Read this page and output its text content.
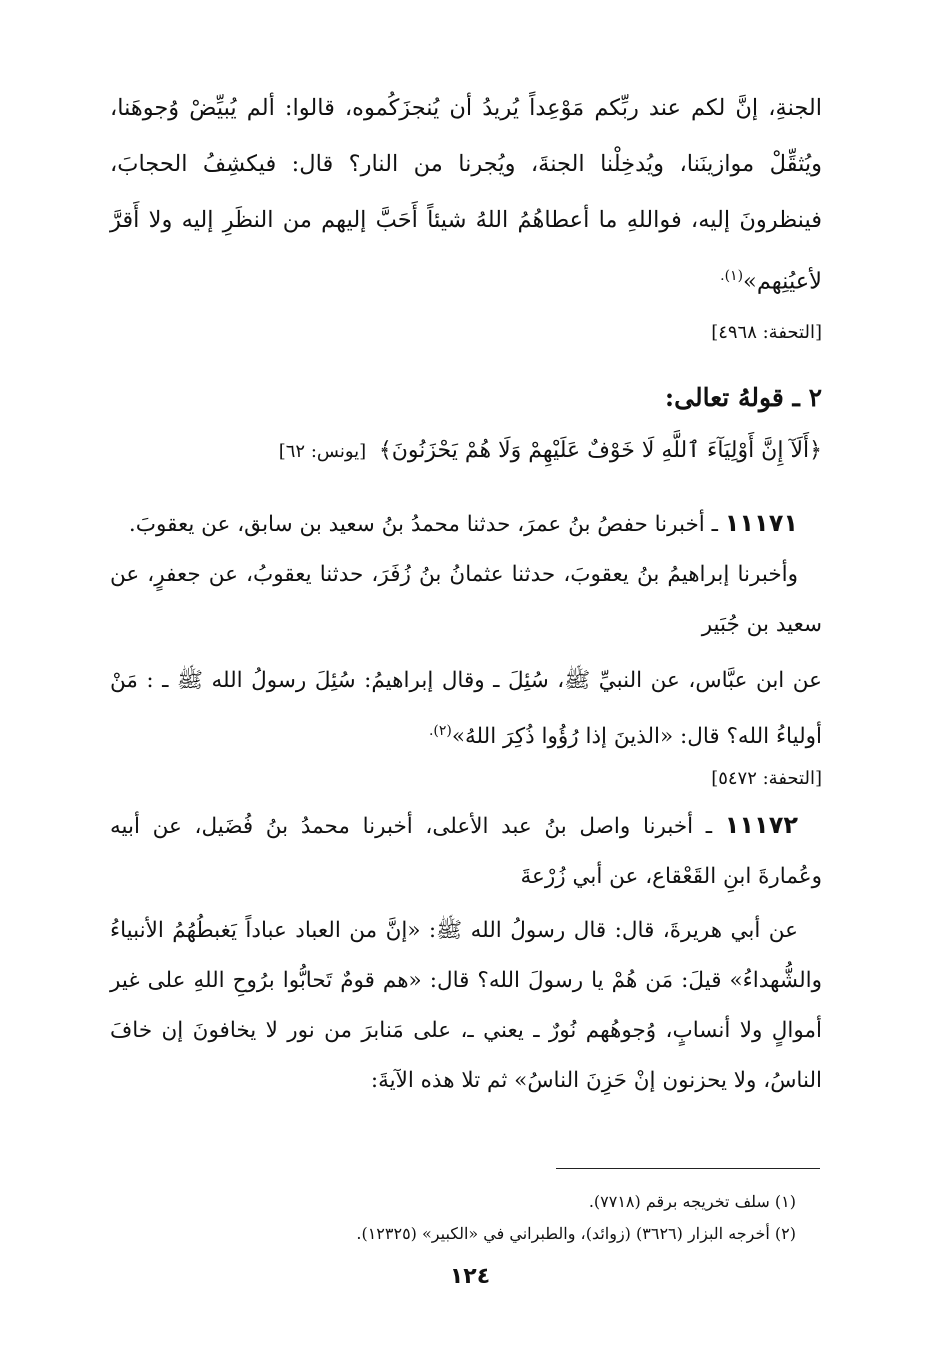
الجنةِ، إنَّ لكم عند ربِّكم مَوْعِداً يُريدُ أن يُنجزَكُموه، قالوا: ألم يُبيِّضْ وُجوهَنا، ويُثقِّلْ موازينَنا، ويُدخِلْنا الجنةَ، ويُجرنا من النار؟ قال: فيكشِفُ الحجابَ، فينظرونَ إليه، فواللهِ ما أعطاهُمُ اللهُ شيئاً أَحَبَّ إليهم من النظَرِ إليه ولا أَقرَّ لأعيُنِهم»$^{(١).}$

[التحفة: ٤٩٦٨]

٢ ـ قولهُ تعالى:

﴿أَلَآ إِنَّ أَوْلِيَآءَ ٱللَّهِ لَا خَوْفٌ عَلَيْهِمْ وَلَا هُمْ يَحْزَنُونَ﴾ [يونس: ٦٢]

١١١٧١ ـ أخبرنا حفصُ بنُ عمرَ، حدثنا محمدُ بنُ سعيد بن سابق، عن يعقوبَ.

وأخبرنا إبراهيمُ بنُ يعقوبَ، حدثنا عثمانُ بنُ زُفَرَ، حدثنا يعقوبُ، عن جعفرٍ، عن سعيد بن جُبَير

عن ابن عبَّاس، عن النبيِّ ﷺ، سُئِلَ ـ وقال إبراهيمُ: سُئِلَ رسولُ الله ﷺ ـ : مَنْ أولياءُ الله؟ قال: «الذينَ إذا رُؤُوا ذُكِرَ اللهُ»$^{(٢).}$

[التحفة: ٥٤٧٢]

١١١٧٢ ـ أخبرنا واصل بنُ عبد الأعلى، أخبرنا محمدُ بنُ فُضَيل، عن أبيه وعُمارةَ ابنِ القَعْقاع، عن أبي زُرْعةَ

عن أبي هريرةَ، قال: قال رسولُ الله ﷺ: «إنَّ من العباد عباداً يَغبطُهُمُ الأنبياءُ والشُّهداءُ» قيلَ: مَن هُمْ يا رسولَ الله؟ قال: «هم قومٌ تَحابُّوا برُوحِ اللهِ على غير أموالٍ ولا أنسابٍ، وُجوهُهم نُورٌ ـ يعني ـ، على مَنابرَ من نور لا يخافونَ إن خافَ الناسُ، ولا يحزنون إنْ حَزِنَ الناسُ» ثم تلا هذه الآيةَ:

(١) سلف تخريجه برقم (٧٧١٨).

(٢) أخرجه البزار (٣٦٢٦) (زوائد)، والطبراني في «الكبير» (١٢٣٢٥).

١٢٤
